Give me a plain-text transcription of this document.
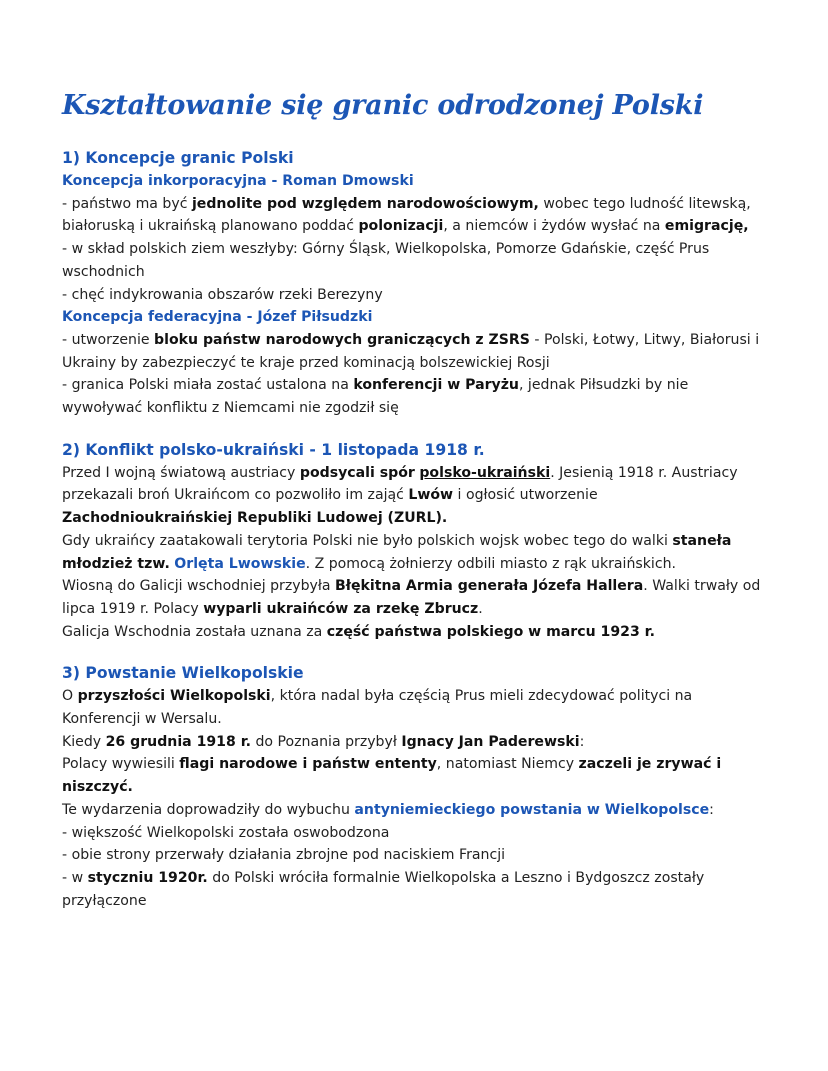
Kształtowanie się granic odrodzonej Polski

1) Koncepcje granic Polski

Koncepcja inkorporacyjna - Roman Dmowski

- państwo ma być jednolite pod względem narodowościowym, wobec tego ludność litewską, białoruską i ukraińską planowano poddać polonizacji, a niemców i żydów wysłać na emigrację,

- w skład polskich ziem weszłyby: Górny Śląsk, Wielkopolska, Pomorze Gdańskie, część Prus wschodnich

- chęć indykrowania obszarów rzeki Berezyny

Koncepcja federacyjna - Józef Piłsudzki

- utworzenie bloku państw narodowych graniczących z ZSRS - Polski, Łotwy, Litwy, Białorusi i Ukrainy by zabezpieczyć te kraje przed kominacją bolszewickiej Rosji

- granica Polski miała zostać ustalona na konferencji w Paryżu, jednak Piłsudzki by nie wywoływać konfliktu z Niemcami nie zgodził się

2) Konflikt polsko-ukraiński - 1 listopada 1918 r.

Przed I wojną światową austriacy podsycali spór polsko-ukraiński. Jesienią 1918 r. Austriacy przekazali broń Ukraińcom co pozwoliło im zająć Lwów i ogłosić utworzenie Zachodnioukraińskiej Republiki Ludowej (ZURL).

Gdy ukraińcy zaatakowali terytoria Polski nie było polskich wojsk wobec tego do walki staneła młodzież tzw. Orlęta Lwowskie. Z pomocą żołnierzy odbili miasto z rąk ukraińskich.

Wiosną do Galicji wschodniej przybyła Błękitna Armia generała Józefa Hallera. Walki trwały od lipca 1919 r. Polacy wyparli ukraińców za rzekę Zbrucz.

Galicja Wschodnia została uznana za część państwa polskiego w marcu 1923 r.

3) Powstanie Wielkopolskie

O przyszłości Wielkopolski, która nadal była częścią Prus mieli zdecydować polityci na Konferencji w Wersalu.

Kiedy 26 grudnia 1918 r. do Poznania przybył Ignacy Jan Paderewski:

Polacy wywiesili flagi narodowe i państw ententy, natomiast Niemcy zaczeli je zrywać i niszczyć.

Te wydarzenia doprowadziły do wybuchu antyniemieckiego powstania w Wielkopolsce:

- większość Wielkopolski została oswobodzona

- obie strony przerwały działania zbrojne pod naciskiem Francji

- w styczniu 1920r. do Polski wróciła formalnie Wielkopolska a Leszno i Bydgoszcz zostały przyłączone
